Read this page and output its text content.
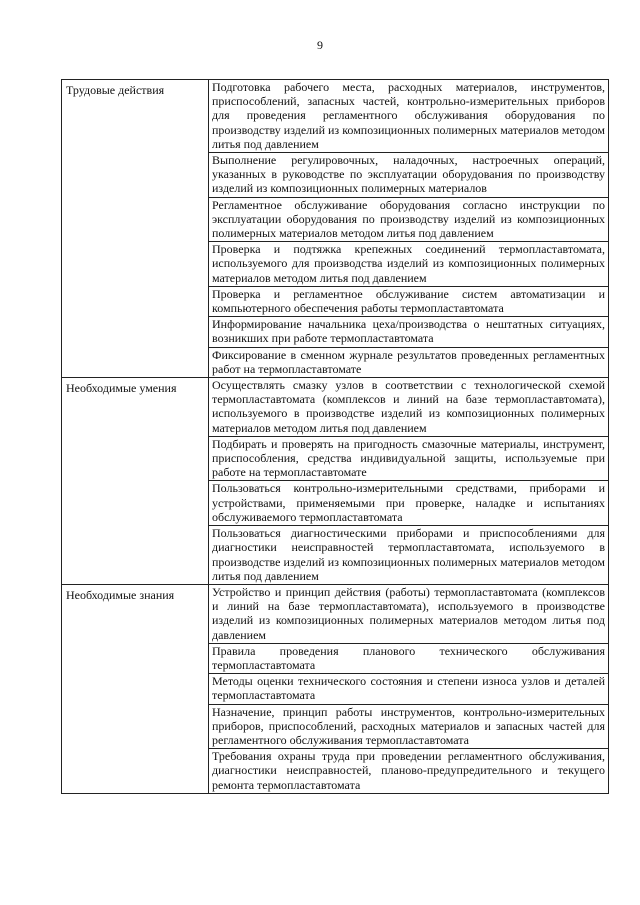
9
Трудовые действия	Подготовка рабочего места, расходных материалов, инструментов, приспособлений, запасных частей, контрольно-измерительных приборов для проведения регламентного обслуживания оборудования по производству изделий из композиционных полимерных материалов методом литья под давлением
	Выполнение регулировочных, наладочных, настроечных операций, указанных в руководстве по эксплуатации оборудования по производству изделий из композиционных полимерных материалов
	Регламентное обслуживание оборудования согласно инструкции по эксплуатации оборудования по производству изделий из композиционных полимерных материалов методом литья под давлением
	Проверка и подтяжка крепежных соединений термопластавтомата, используемого для производства изделий из композиционных полимерных материалов методом литья под давлением
	Проверка и регламентное обслуживание систем автоматизации и компьютерного обеспечения работы термопластавтомата
	Информирование начальника цеха/производства о нештатных ситуациях, возникших при работе термопластавтомата
	Фиксирование в сменном журнале результатов проведенных регламентных работ на термопластавтомате
Необходимые умения	Осуществлять смазку узлов в соответствии с технологической схемой термопластавтомата (комплексов и линий на базе термопластавтомата), используемого в производстве изделий из композиционных полимерных материалов методом литья под давлением
	Подбирать и проверять на пригодность смазочные материалы, инструмент, приспособления, средства индивидуальной защиты, используемые при работе на термопластавтомате
	Пользоваться контрольно-измерительными средствами, приборами и устройствами, применяемыми при проверке, наладке и испытаниях обслуживаемого термопластавтомата
	Пользоваться диагностическими приборами и приспособлениями для диагностики неисправностей термопластавтомата, используемого в производстве изделий из композиционных полимерных материалов методом литья под давлением
Необходимые знания	Устройство и принцип действия (работы) термопластавтомата (комплексов и линий на базе термопластавтомата), используемого в производстве изделий из композиционных полимерных материалов методом литья под давлением
	Правила проведения планового технического обслуживания термопластавтомата
	Методы оценки технического состояния и степени износа узлов и деталей термопластавтомата
	Назначение, принцип работы инструментов, контрольно-измерительных приборов, приспособлений, расходных материалов и запасных частей для регламентного обслуживания термопластавтомата
	Требования охраны труда при проведении регламентного обслуживания, диагностики неисправностей, планово-предупредительного и текущего ремонта термопластавтомата
